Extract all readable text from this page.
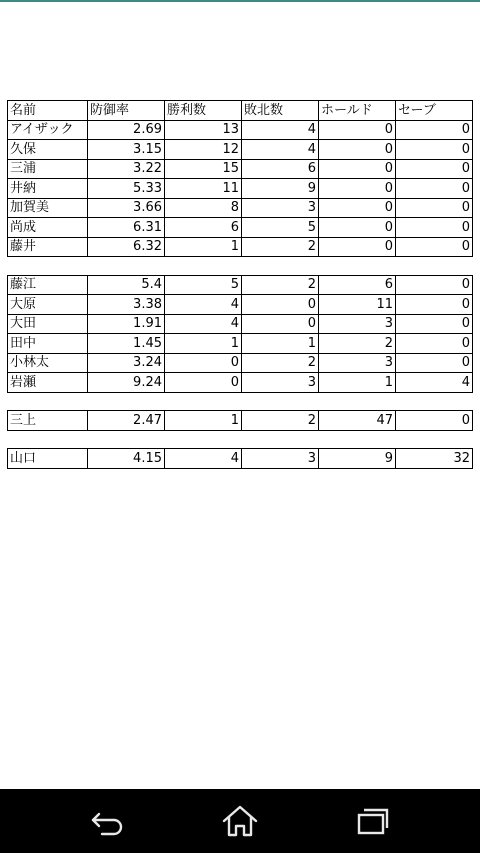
名前	防御率	勝利数	敗北数	ホールド	セーブ
アイザック	2.69	13	4	0	0
久保	3.15	12	4	0	0
三浦	3.22	15	6	0	0
井納	5.33	11	9	0	0
加賀美	3.66	8	3	0	0
尚成	6.31	6	5	0	0
藤井	6.32	1	2	0	0
藤江	5.4	5	2	6	0
大原	3.38	4	0	11	0
大田	1.91	4	0	3	0
田中	1.45	1	1	2	0
小林太	3.24	0	2	3	0
岩瀬	9.24	0	3	1	4
三上	2.47	1	2	47	0
山口	4.15	4	3	9	32
